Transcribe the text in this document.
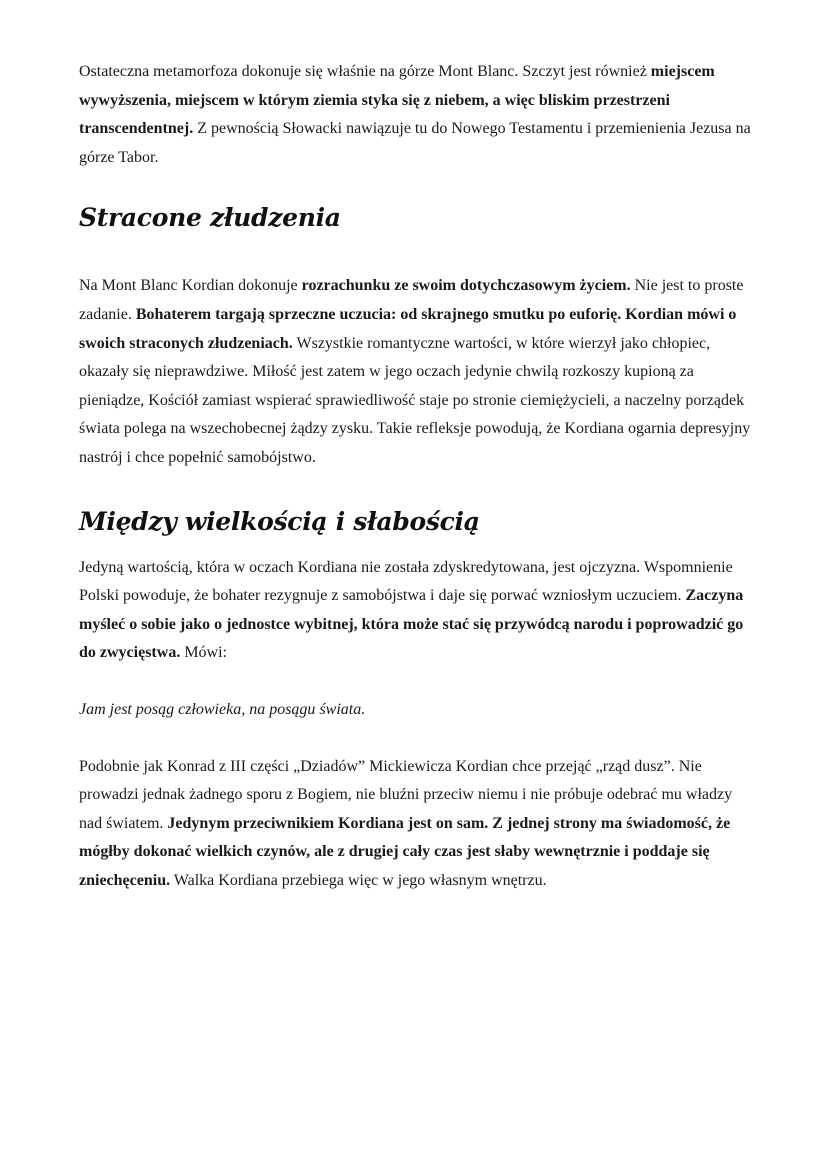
Ostateczna metamorfoza dokonuje się właśnie na górze Mont Blanc. Szczyt jest również miejscem wywyższenia, miejscem w którym ziemia styka się z niebem, a więc bliskim przestrzeni transcendentnej. Z pewnością Słowacki nawiązuje tu do Nowego Testamentu i przemienienia Jezusa na górze Tabor.

Stracone złudzenia

Na Mont Blanc Kordian dokonuje rozrachunku ze swoim dotychczasowym życiem. Nie jest to proste zadanie. Bohaterem targają sprzeczne uczucia: od skrajnego smutku po euforię. Kordian mówi o swoich straconych złudzeniach. Wszystkie romantyczne wartości, w które wierzył jako chłopiec, okazały się nieprawdziwe. Miłość jest zatem w jego oczach jedynie chwilą rozkoszy kupioną za pieniądze, Kościół zamiast wspierać sprawiedliwość staje po stronie ciemiężycieli, a naczelny porządek świata polega na wszechobecnej żądzy zysku. Takie refleksje powodują, że Kordiana ogarnia depresyjny nastrój i chce popełnić samobójstwo.

Między wielkością i słabością

Jedyną wartością, która w oczach Kordiana nie została zdyskredytowana, jest ojczyzna. Wspomnienie Polski powoduje, że bohater rezygnuje z samobójstwa i daje się porwać wzniosłym uczuciem. Zaczyna myśleć o sobie jako o jednostce wybitnej, która może stać się przywódcą narodu i poprowadzić go do zwycięstwa. Mówi:

Jam jest posąg człowieka, na posągu świata.

Podobnie jak Konrad z III części „Dziadów” Mickiewicza Kordian chce przejąć „rząd dusz”. Nie prowadzi jednak żadnego sporu z Bogiem, nie bluźni przeciw niemu i nie próbuje odebrać mu władzy nad światem. Jedynym przeciwnikiem Kordiana jest on sam. Z jednej strony ma świadomość, że mógłby dokonać wielkich czynów, ale z drugiej cały czas jest słaby wewnętrznie i poddaje się zniechęceniu. Walka Kordiana przebiega więc w jego własnym wnętrzu.
